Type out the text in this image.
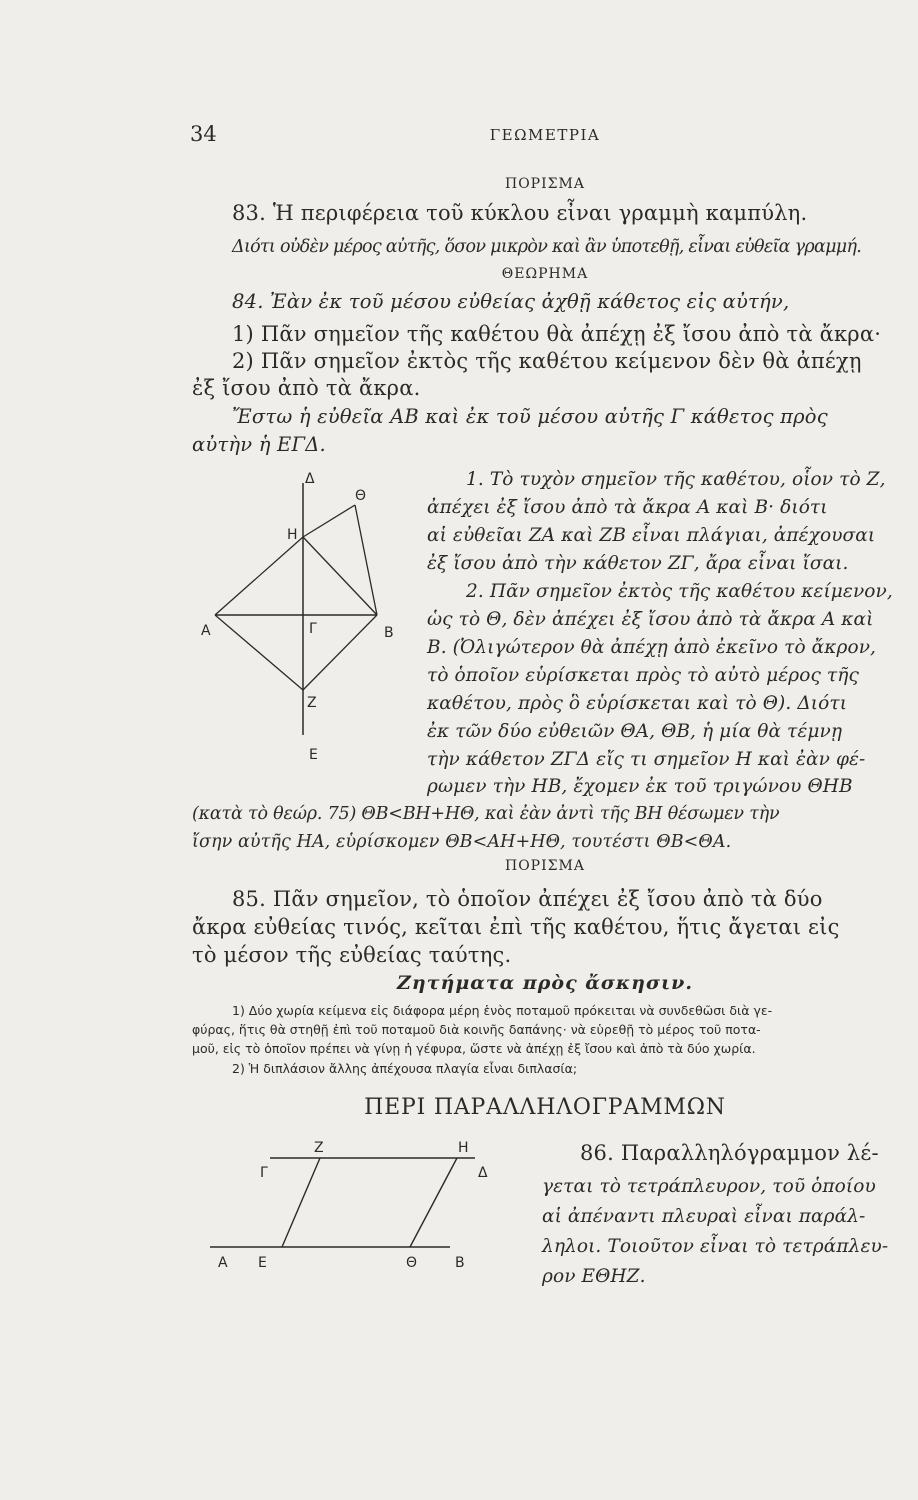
34	ΓΕΩΜΕΤΡΙΑ
ΠΟΡΙΣΜΑ
83. Ἡ περιφέρεια τοῦ κύκλου εἶναι γραμμὴ καμπύλη.
Διότι οὐδὲν μέρος αὐτῆς, ὅσον μικρὸν καὶ ἂν ὑποτεθῇ, εἶναι εὐθεῖα γραμμή.
ΘΕΩΡΗΜΑ
84. Ἐὰν ἐκ τοῦ μέσου εὐθείας ἀχθῇ κάθετος εἰς αὐτήν,
1) Πᾶν σημεῖον τῆς καθέτου θὰ ἀπέχῃ ἐξ ἴσου ἀπὸ τὰ ἄκρα·
2) Πᾶν σημεῖον ἐκτὸς τῆς καθέτου κείμενον δὲν θὰ ἀπέχῃ
ἐξ ἴσου ἀπὸ τὰ ἄκρα.
Ἔστω ἡ εὐθεῖα ΑΒ καὶ ἐκ τοῦ μέσου αὐτῆς Γ κάθετος πρὸς
αὐτὴν ἡ ΕΓΔ.
Δ
Θ
Η
Α	Γ	Β
Ζ
Ε
1. Τὸ τυχὸν σημεῖον τῆς καθέτου, οἷον τὸ Ζ,
ἀπέχει ἐξ ἴσου ἀπὸ τὰ ἄκρα Α καὶ Β· διότι
αἱ εὐθεῖαι ΖΑ καὶ ΖΒ εἶναι πλάγιαι, ἀπέχουσαι
ἐξ ἴσου ἀπὸ τὴν κάθετον ΖΓ, ἄρα εἶναι ἴσαι.
2. Πᾶν σημεῖον ἐκτὸς τῆς καθέτου κείμενον,
ὡς τὸ Θ, δὲν ἀπέχει ἐξ ἴσου ἀπὸ τὰ ἄκρα Α καὶ
Β. (Ὀλιγώτερον θὰ ἀπέχῃ ἀπὸ ἐκεῖνο τὸ ἄκρον,
τὸ ὁποῖον εὑρίσκεται πρὸς τὸ αὐτὸ μέρος τῆς
καθέτου, πρὸς ὃ εὑρίσκεται καὶ τὸ Θ). Διότι
ἐκ τῶν δύο εὐθειῶν ΘΑ, ΘΒ, ἡ μία θὰ τέμνῃ
τὴν κάθετον ΖΓΔ εἴς τι σημεῖον Η καὶ ἐὰν φέ-
ρωμεν τὴν ΗΒ, ἔχομεν ἐκ τοῦ τριγώνου ΘΗΒ
(κατὰ τὸ θεώρ. 75) ΘΒ<ΒΗ+ΗΘ, καὶ ἐὰν ἀντὶ τῆς ΒΗ θέσωμεν τὴν
ἴσην αὐτῆς ΗΑ, εὑρίσκομεν ΘΒ<ΑΗ+ΗΘ, τουτέστι ΘΒ<ΘΑ.
ΠΟΡΙΣΜΑ
85. Πᾶν σημεῖον, τὸ ὁποῖον ἀπέχει ἐξ ἴσου ἀπὸ τὰ δύο
ἄκρα εὐθείας τινός, κεῖται ἐπὶ τῆς καθέτου, ἥτις ἄγεται εἰς
τὸ μέσον τῆς εὐθείας ταύτης.
Ζητήματα πρὸς ἄσκησιν.
1) Δύο χωρία κείμενα εἰς διάφορα μέρη ἑνὸς ποταμοῦ πρόκειται νὰ συνδεθῶσι διὰ γε-
φύρας, ἥτις θὰ στηθῇ ἐπὶ τοῦ ποταμοῦ διὰ κοινῆς δαπάνης· νὰ εὑρεθῇ τὸ μέρος τοῦ ποτα-
μοῦ, εἰς τὸ ὁποῖον πρέπει νὰ γίνῃ ἡ γέφυρα, ὥστε νὰ ἀπέχῃ ἐξ ἴσου καὶ ἀπὸ τὰ δύο χωρία.
2) Ἡ διπλάσιον ἄλλης ἀπέχουσα πλαγία εἶναι διπλασία;
ΠΕΡΙ ΠΑΡΑΛΛΗΛΟΓΡΑΜΜΩΝ
Ζ	Η
Γ	Δ
Α Ε	Θ	Β
86. Παραλληλόγραμμον λέ-
γεται τὸ τετράπλευρον, τοῦ ὁποίου
αἱ ἀπέναντι πλευραὶ εἶναι παράλ-
ληλοι. Τοιοῦτον εἶναι τὸ τετράπλευ-
ρον ΕΘΗΖ.
